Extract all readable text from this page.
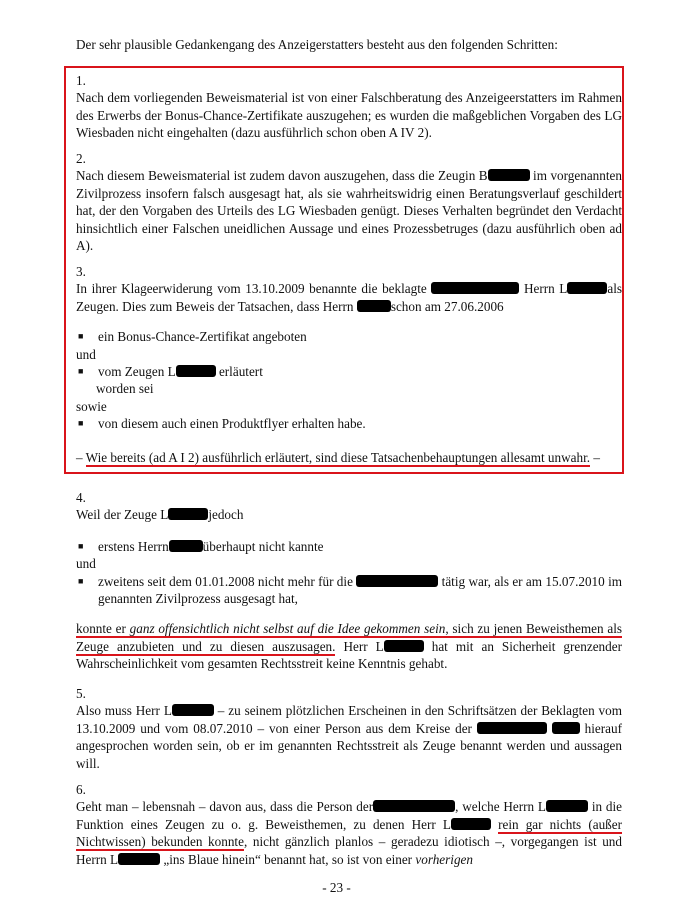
Der sehr plausible Gedankengang des Anzeigerstatters besteht aus den folgenden Schritten:
1.
Nach dem vorliegenden Beweismaterial ist von einer Falschberatung des Anzeigeerstatters im Rahmen des Erwerbs der Bonus-Chance-Zertifikate auszugehen; es wurden die maßgeblichen Vorgaben des LG Wiesbaden nicht eingehalten (dazu ausführlich schon oben A IV 2).
2.
Nach diesem Beweismaterial ist zudem davon auszugehen, dass die Zeugin B	im vorgenannten Zivilprozess insofern falsch ausgesagt hat, als sie wahrheitswidrig einen Beratungsverlauf geschildert hat, der den Vorgaben des Urteils des LG Wiesbaden genügt. Dieses Verhalten begründet den Verdacht hinsichtlich einer Falschen uneidlichen Aussage und eines Prozessbetruges (dazu ausführlich oben ad A).
3.
In ihrer Klageerwiderung vom 13.10.2009 benannte die beklagte	Herrn L	als Zeugen. Dies zum Beweis der Tatsachen, dass Herrn	schon am 27.06.2006
■	ein Bonus-Chance-Zertifikat angeboten
und
■	vom Zeugen L	erläutert
worden sei
sowie
■	von diesem auch einen Produktflyer erhalten habe.
– Wie bereits (ad A I 2) ausführlich erläutert, sind diese Tatsachenbehauptungen allesamt unwahr. –
4.
Weil der Zeuge L	jedoch
■	erstens Herrn	überhaupt nicht kannte
und
■	zweitens seit dem 01.01.2008 nicht mehr für die	tätig war, als er am 15.07.2010 im genannten Zivilprozess ausgesagt hat,
konnte er ganz offensichtlich nicht selbst auf die Idee gekommen sein, sich zu jenen Beweisthemen als Zeuge anzubieten und zu diesen auszusagen. Herr L	hat mit an Sicherheit grenzender Wahrscheinlichkeit vom gesamten Rechtsstreit keine Kenntnis gehabt.
5.
Also muss Herr L	– zu seinem plötzlichen Erscheinen in den Schriftsätzen der Beklagten vom 13.10.2009 und vom 08.07.2010 – von einer Person aus dem Kreise der	hierauf angesprochen worden sein, ob er im genannten Rechtsstreit als Zeuge benannt werden und aussagen will.
6.
Geht man – lebensnah – davon aus, dass die Person der	, welche Herrn L	in die Funktion eines Zeugen zu o. g. Beweisthemen, zu denen Herr L	rein gar nichts (außer Nichtwissen) bekunden konnte, nicht gänzlich planlos – geradezu idiotisch –, vorgegangen ist und Herrn L	„ins Blaue hinein“ benannt hat, so ist von einer vorherigen
- 23 -
